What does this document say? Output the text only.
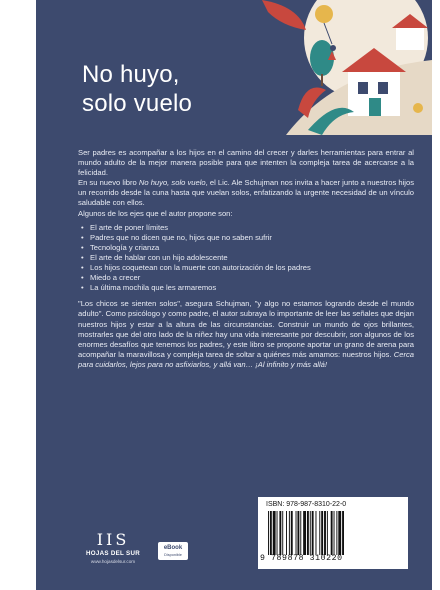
No huyo,
solo vuelo

Ser padres es acompañar a los hijos en el camino del crecer y darles herramientas para entrar al mundo adulto de la mejor manera posible para que intenten la compleja tarea de acercarse a la felicidad.

En su nuevo libro No huyo, solo vuelo, el Lic. Ale Schujman nos invita a hacer junto a nuestros hijos un recorrido desde la cuna hasta que vuelan solos, enfatizando la urgente necesidad de un vínculo saludable con ellos.

Algunos de los ejes que el autor propone son:

• El arte de poner límites
• Padres que no dicen que no, hijos que no saben sufrir
• Tecnología y crianza
• El arte de hablar con un hijo adolescente
• Los hijos coquetean con la muerte con autorización de los padres
• Miedo a crecer
• La última mochila que les armaremos

"Los chicos se sienten solos", asegura Schujman, "y algo no estamos logrando desde el mundo adulto". Como psicólogo y como padre, el autor subraya lo importante de leer las señales que dejan nuestros hijos y estar a la altura de las circunstancias. Construir un mundo de ojos brillantes, mostrarles que del otro lado de la niñez hay una vida interesante por descubrir, son algunos de los enormes desafíos que tenemos los padres, y este libro se propone aportar un grano de arena para acompañar la maravillosa y compleja tarea de soltar a quiénes más amamos: nuestros hijos. Cerca para cuidarlos, lejos para no asfixiarlos, y allá van… ¡Al infinito y más allá!

IIS
HOJAS DEL SUR
www.hojasdelsur.com
eBook
Disponible
ISBN: 978-987-8310-22-0
9 789878 310220
